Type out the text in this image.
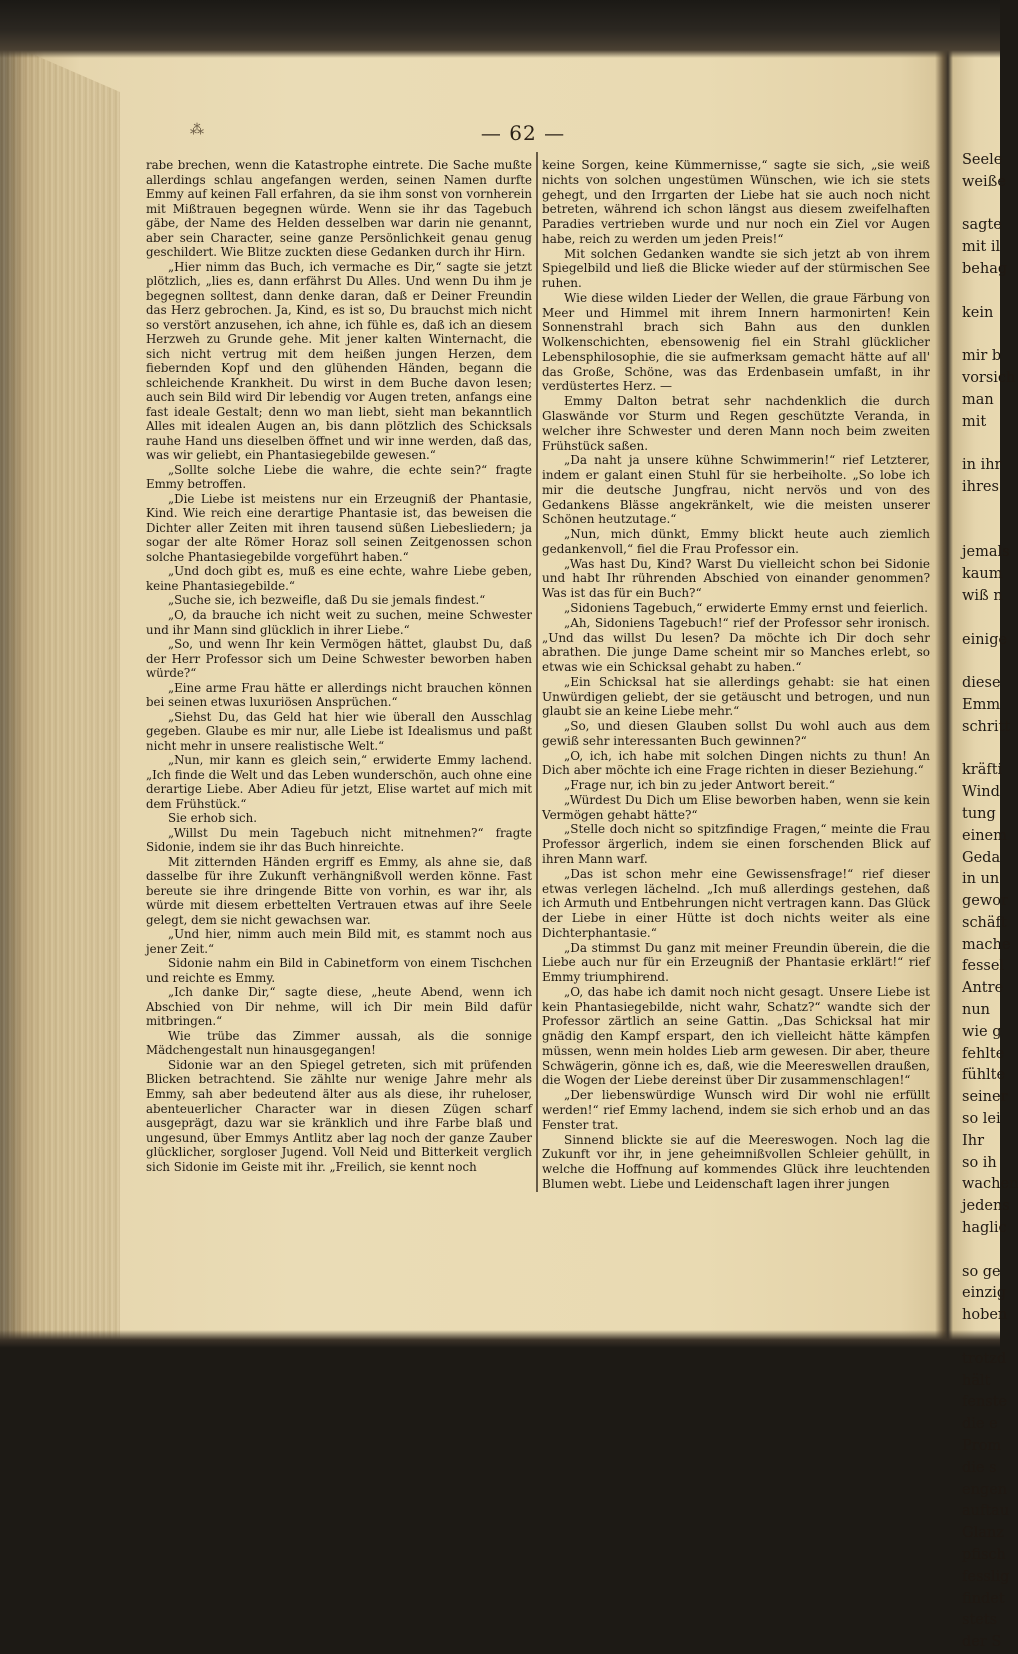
⁂	— 62 —

rabe brechen, wenn die Katastrophe eintrete. Die Sache mußte allerdings schlau angefangen werden, seinen Namen durfte Emmy auf keinen Fall erfahren, da sie ihm sonst von vornherein mit Mißtrauen begegnen würde. Wenn sie ihr das Tagebuch gäbe, der Name des Helden desselben war darin nie genannt, aber sein Character, seine ganze Persönlichkeit genau genug geschildert. Wie Blitze zuckten diese Gedanken durch ihr Hirn.

„Hier nimm das Buch, ich vermache es Dir,“ sagte sie jetzt plötzlich, „lies es, dann erfährst Du Alles. Und wenn Du ihm je begegnen solltest, dann denke daran, daß er Deiner Freundin das Herz gebrochen. Ja, Kind, es ist so, Du brauchst mich nicht so verstört anzusehen, ich ahne, ich fühle es, daß ich an diesem Herzweh zu Grunde gehe. Mit jener kalten Winternacht, die sich nicht vertrug mit dem heißen jungen Herzen, dem fiebernden Kopf und den glühenden Händen, begann die schleichende Krankheit. Du wirst in dem Buche davon lesen; auch sein Bild wird Dir lebendig vor Augen treten, anfangs eine fast ideale Gestalt; denn wo man liebt, sieht man bekanntlich Alles mit idealen Augen an, bis dann plötzlich des Schicksals rauhe Hand uns dieselben öffnet und wir inne werden, daß das, was wir geliebt, ein Phantasiegebilde gewesen.“

„Sollte solche Liebe die wahre, die echte sein?“ fragte Emmy betroffen.

„Die Liebe ist meistens nur ein Erzeugniß der Phantasie, Kind. Wie reich eine derartige Phantasie ist, das beweisen die Dichter aller Zeiten mit ihren tausend süßen Liebesliedern; ja sogar der alte Römer Horaz soll seinen Zeitgenossen schon solche Phantasiegebilde vorgeführt haben.“

„Und doch gibt es, muß es eine echte, wahre Liebe geben, keine Phantasiegebilde.“

„Suche sie, ich bezweifle, daß Du sie jemals findest.“

„O, da brauche ich nicht weit zu suchen, meine Schwester und ihr Mann sind glücklich in ihrer Liebe.“

„So, und wenn Ihr kein Vermögen hättet, glaubst Du, daß der Herr Professor sich um Deine Schwester beworben haben würde?“

„Eine arme Frau hätte er allerdings nicht brauchen können bei seinen etwas luxuriösen Ansprüchen.“

„Siehst Du, das Geld hat hier wie überall den Ausschlag gegeben. Glaube es mir nur, alle Liebe ist Idealismus und paßt nicht mehr in unsere realistische Welt.“

„Nun, mir kann es gleich sein,“ erwiderte Emmy lachend. „Ich finde die Welt und das Leben wunderschön, auch ohne eine derartige Liebe. Aber Adieu für jetzt, Elise wartet auf mich mit dem Frühstück.“

Sie erhob sich.

„Willst Du mein Tagebuch nicht mitnehmen?“ fragte Sidonie, indem sie ihr das Buch hinreichte.

Mit zitternden Händen ergriff es Emmy, als ahne sie, daß dasselbe für ihre Zukunft verhängnißvoll werden könne. Fast bereute sie ihre dringende Bitte von vorhin, es war ihr, als würde mit diesem erbettelten Vertrauen etwas auf ihre Seele gelegt, dem sie nicht gewachsen war.

„Und hier, nimm auch mein Bild mit, es stammt noch aus jener Zeit.“

Sidonie nahm ein Bild in Cabinetform von einem Tischchen und reichte es Emmy.

„Ich danke Dir,“ sagte diese, „heute Abend, wenn ich Abschied von Dir nehme, will ich Dir mein Bild dafür mitbringen.“

Wie trübe das Zimmer aussah, als die sonnige Mädchengestalt nun hinausgegangen!

Sidonie war an den Spiegel getreten, sich mit prüfenden Blicken betrachtend. Sie zählte nur wenige Jahre mehr als Emmy, sah aber bedeutend älter aus als diese, ihr ruheloser, abenteuerlicher Character war in diesen Zügen scharf ausgeprägt, dazu war sie kränklich und ihre Farbe blaß und ungesund, über Emmys Antlitz aber lag noch der ganze Zauber glücklicher, sorgloser Jugend. Voll Neid und Bitterkeit verglich sich Sidonie im Geiste mit ihr. „Freilich, sie kennt noch

keine Sorgen, keine Kümmernisse,“ sagte sie sich, „sie weiß nichts von solchen ungestümen Wünschen, wie ich sie stets gehegt, und den Irrgarten der Liebe hat sie auch noch nicht betreten, während ich schon längst aus diesem zweifelhaften Paradies vertrieben wurde und nur noch ein Ziel vor Augen habe, reich zu werden um jeden Preis!“

Mit solchen Gedanken wandte sie sich jetzt ab von ihrem Spiegelbild und ließ die Blicke wieder auf der stürmischen See ruhen.

Wie diese wilden Lieder der Wellen, die graue Färbung von Meer und Himmel mit ihrem Innern harmonirten! Kein Sonnenstrahl brach sich Bahn aus den dunklen Wolkenschichten, ebensowenig fiel ein Strahl glücklicher Lebensphilosophie, die sie aufmerksam gemacht hätte auf all' das Große, Schöne, was das Erdenbasein umfaßt, in ihr verdüstertes Herz. —

Emmy Dalton betrat sehr nachdenklich die durch Glaswände vor Sturm und Regen geschützte Veranda, in welcher ihre Schwester und deren Mann noch beim zweiten Frühstück saßen.

„Da naht ja unsere kühne Schwimmerin!“ rief Letzterer, indem er galant einen Stuhl für sie herbeiholte. „So lobe ich mir die deutsche Jungfrau, nicht nervös und von des Gedankens Blässe angekränkelt, wie die meisten unserer Schönen heutzutage.“

„Nun, mich dünkt, Emmy blickt heute auch ziemlich gedankenvoll,“ fiel die Frau Professor ein.

„Was hast Du, Kind? Warst Du vielleicht schon bei Sidonie und habt Ihr rührenden Abschied von einander genommen? Was ist das für ein Buch?“

„Sidoniens Tagebuch,“ erwiderte Emmy ernst und feierlich.

„Ah, Sidoniens Tagebuch!“ rief der Professor sehr ironisch. „Und das willst Du lesen? Da möchte ich Dir doch sehr abrathen. Die junge Dame scheint mir so Manches erlebt, so etwas wie ein Schicksal gehabt zu haben.“

„Ein Schicksal hat sie allerdings gehabt: sie hat einen Unwürdigen geliebt, der sie getäuscht und betrogen, und nun glaubt sie an keine Liebe mehr.“

„So, und diesen Glauben sollst Du wohl auch aus dem gewiß sehr interessanten Buch gewinnen?“

„O, ich, ich habe mit solchen Dingen nichts zu thun! An Dich aber möchte ich eine Frage richten in dieser Beziehung.“

„Frage nur, ich bin zu jeder Antwort bereit.“

„Würdest Du Dich um Elise beworben haben, wenn sie kein Vermögen gehabt hätte?“

„Stelle doch nicht so spitzfindige Fragen,“ meinte die Frau Professor ärgerlich, indem sie einen forschenden Blick auf ihren Mann warf.

„Das ist schon mehr eine Gewissensfrage!“ rief dieser etwas verlegen lächelnd. „Ich muß allerdings gestehen, daß ich Armuth und Entbehrungen nicht vertragen kann. Das Glück der Liebe in einer Hütte ist doch nichts weiter als eine Dichterphantasie.“

„Da stimmst Du ganz mit meiner Freundin überein, die die Liebe auch nur für ein Erzeugniß der Phantasie erklärt!“ rief Emmy triumphirend.

„O, das habe ich damit noch nicht gesagt. Unsere Liebe ist kein Phantasiegebilde, nicht wahr, Schatz?“ wandte sich der Professor zärtlich an seine Gattin. „Das Schicksal hat mir gnädig den Kampf erspart, den ich vielleicht hätte kämpfen müssen, wenn mein holdes Lieb arm gewesen. Dir aber, theure Schwägerin, gönne ich es, daß, wie die Meereswellen draußen, die Wogen der Liebe dereinst über Dir zusammenschlagen!“

„Der liebenswürdige Wunsch wird Dir wohl nie erfüllt werden!“ rief Emmy lachend, indem sie sich erhob und an das Fenster trat.

Sinnend blickte sie auf die Meereswogen. Noch lag die Zukunft vor ihr, in jene geheimnißvollen Schleier gehüllt, in welche die Hoffnung auf kommendes Glück ihre leuchtenden Blumen webt. Liebe und Leidenschaft lagen ihrer jungen

Seele
weiße
sagte
mit il
behag
kein
mir b
vorsich
man
mit
in ihr
ihres
jemals
kaum
wiß n
einige
diese
Emm
schritt
kräfti
Wind
tung
einem
Geda
in un
gewor
schäft
mache
fessel
Antre
nun
wie g
fehlte
fühlte
seiner
so lei
Ihr
so ih
wachen
jedens
haglic
so ge
einzig
hoben
trotzd
hält
fenste
die e
Prom
die s
engen
auftau
Glanz
pfisch
fesslig
findet
stets
der S
